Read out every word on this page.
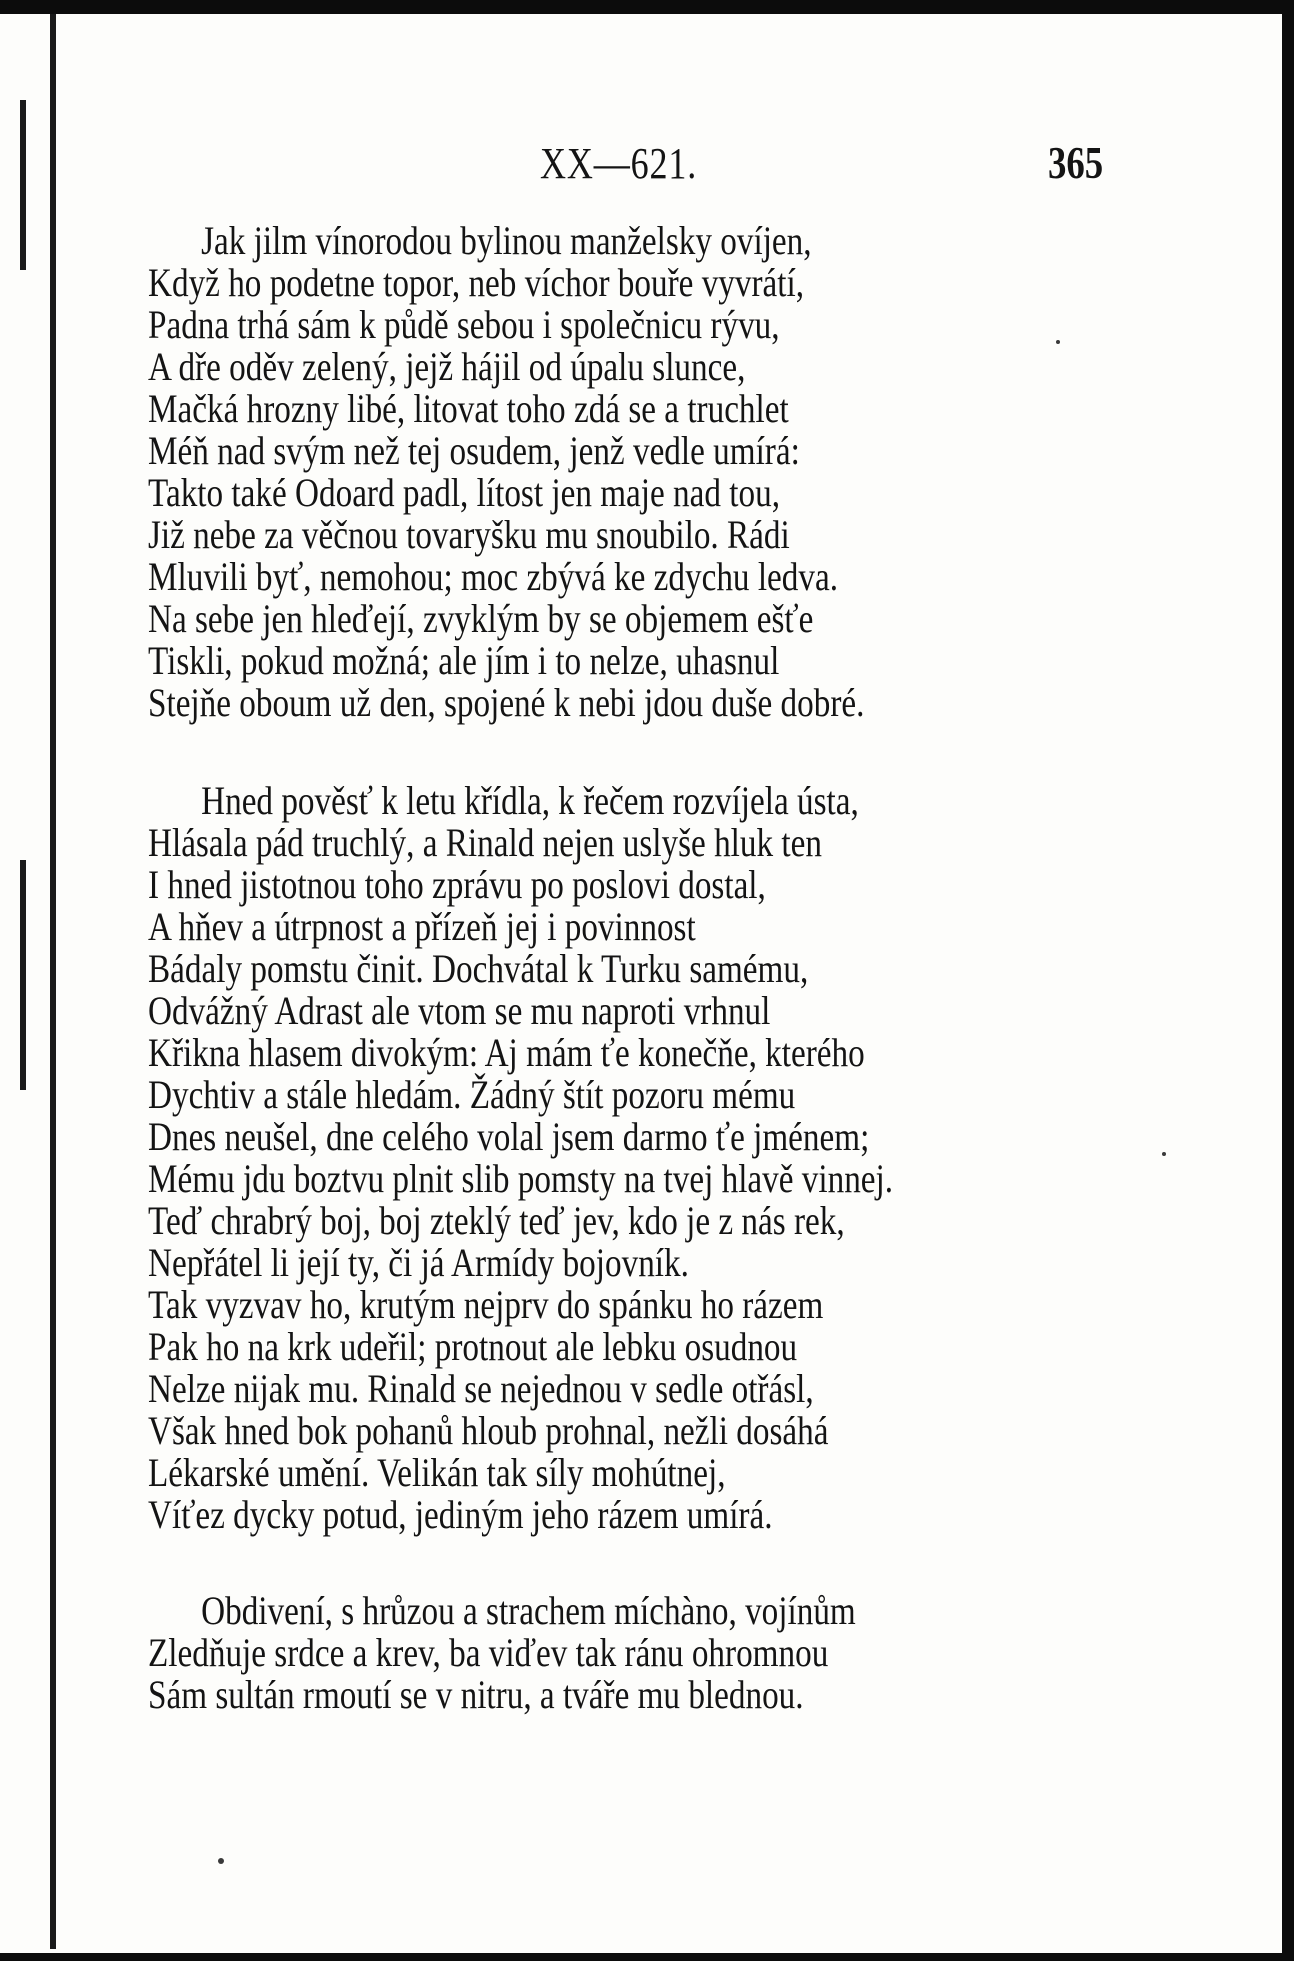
XX—621.	365
Jak jilm vínorodou bylinou manželsky ovíjen,
Když ho podetne topor, neb víchor bouře vyvrátí,
Padna trhá sám k půdě sebou i společnicu rývu,
A dře oděv zelený, jejž hájil od úpalu slunce,
Mačká hrozny libé, litovat toho zdá se a truchlet
Méň nad svým než tej osudem, jenž vedle umírá:
Takto také Odoard padl, lítost jen maje nad tou,
Již nebe za věčnou tovaryšku mu snoubilo. Rádi
Mluvili byť, nemohou; moc zbývá ke zdychu ledva.
Na sebe jen hleďejí, zvyklým by se objemem ešťe
Tiskli, pokud možná; ale jím i to nelze, uhasnul
Stejňe oboum už den, spojené k nebi jdou duše dobré.
Hned pověsť k letu křídla, k řečem rozvíjela ústa,
Hlásala pád truchlý, a Rinald nejen uslyše hluk ten
I hned jistotnou toho zprávu po poslovi dostal,
A hňev a útrpnost a přízeň jej i povinnost
Bádaly pomstu činit. Dochvátal k Turku samému,
Odvážný Adrast ale vtom se mu naproti vrhnul
Křikna hlasem divokým: Aj mám ťe konečňe, kterého
Dychtiv a stále hledám. Žádný štít pozoru mému
Dnes neušel, dne celého volal jsem darmo ťe jménem;
Mému jdu boztvu plnit slib pomsty na tvej hlavě vinnej.
Teď chrabrý boj, boj zteklý teď jev, kdo je z nás rek,
Nepřátel li její ty, či já Armídy bojovník.
Tak vyzvav ho, krutým nejprv do spánku ho rázem
Pak ho na krk udeřil; protnout ale lebku osudnou
Nelze nijak mu. Rinald se nejednou v sedle otřásl,
Však hned bok pohanů hloub prohnal, nežli dosáhá
Lékarské umění. Velikán tak síly mohútnej,
Víťez dycky potud, jediným jeho rázem umírá.
Obdivení, s hrůzou a strachem míchàno, vojínům
Zledňuje srdce a krev, ba viďev tak ránu ohromnou
Sám sultán rmoutí se v nitru, a tváře mu blednou.
